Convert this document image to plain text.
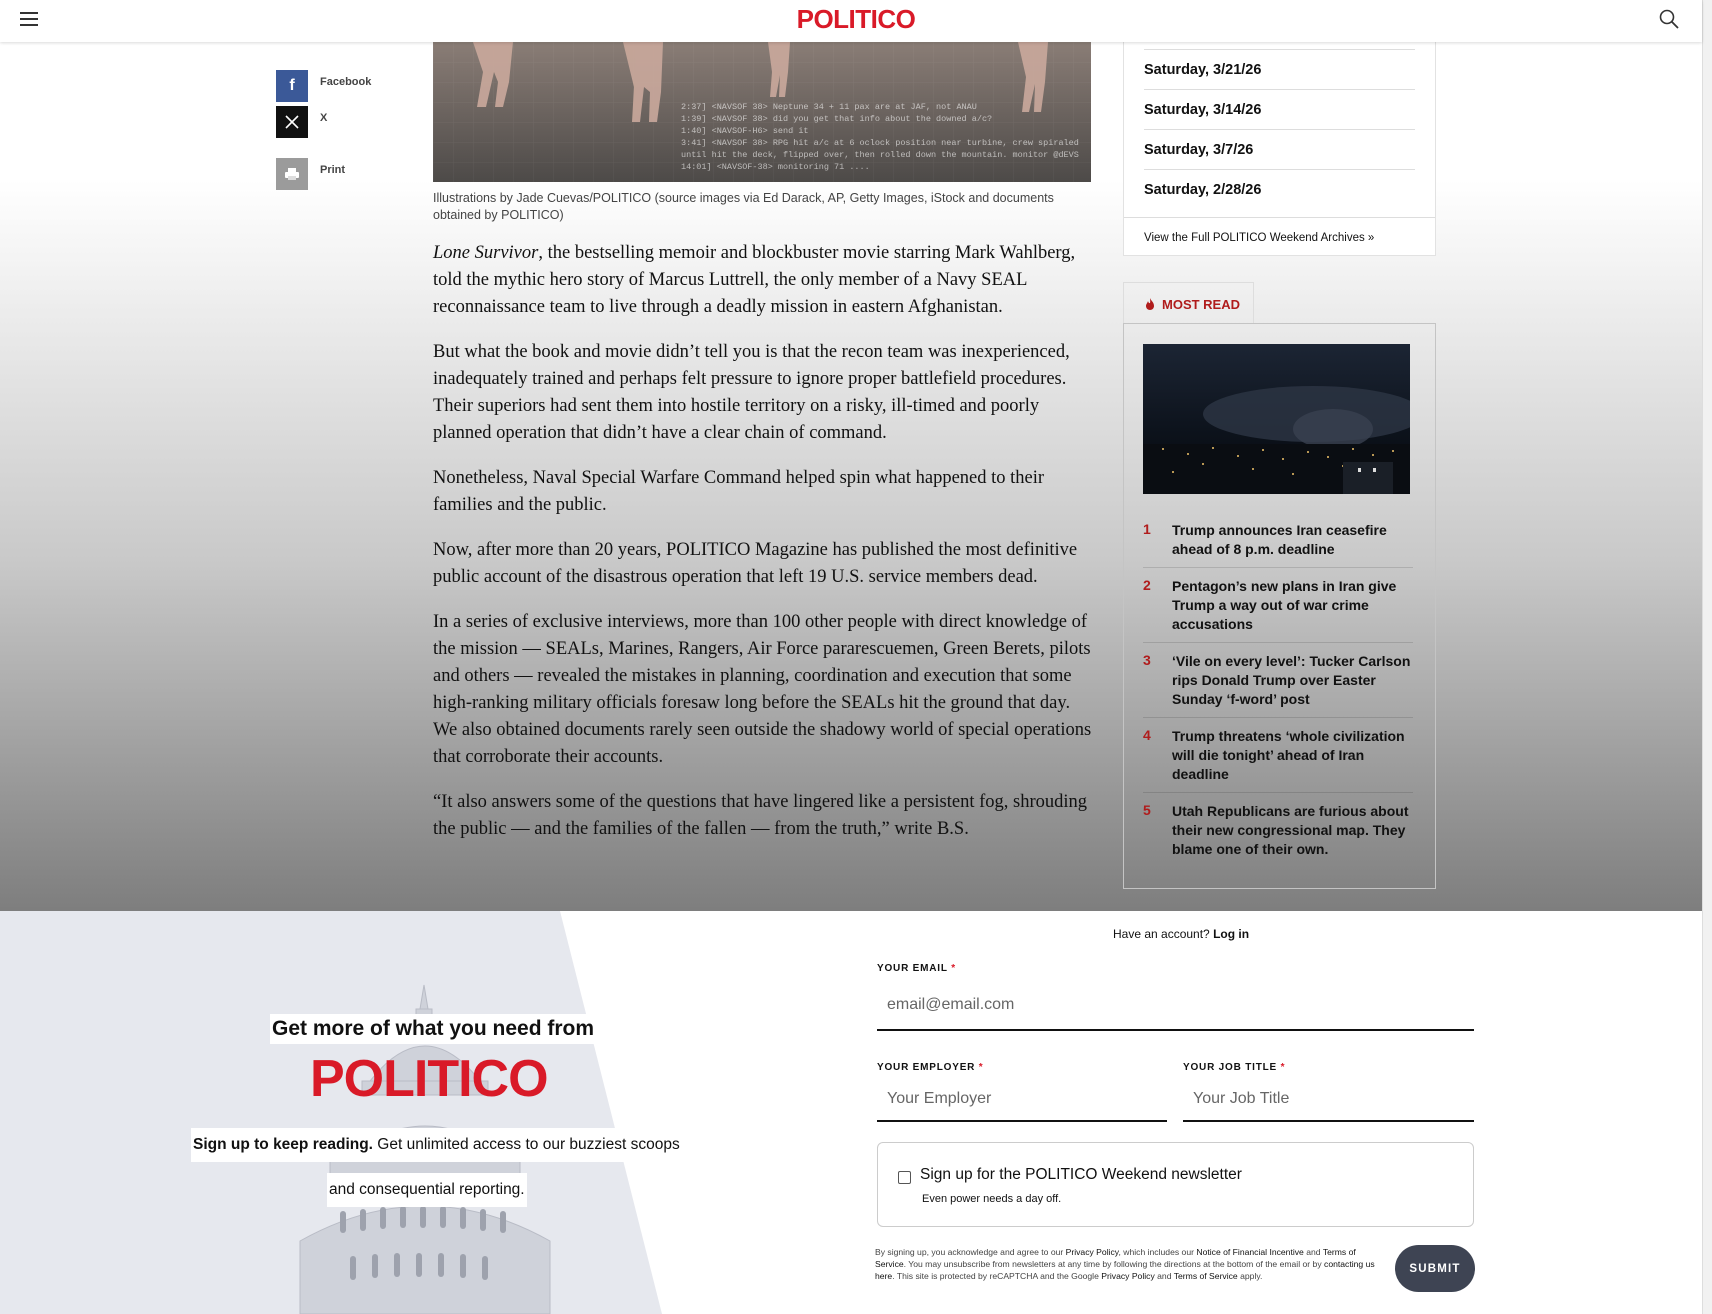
POLITICO
f Facebook
X
Print
2:37] <NAVSOF 38> Neptune 34 + 11 pax are at JAF, not ANAU
1:39] <NAVSOF 38> did you get that info about the downed a/c?
1:40] <NAVSOF-H6> send it
3:41] <NAVSOF 38> RPG hit a/c at 6 oclock position near turbine, crew spiraled
until hit the deck, flipped over, then rolled down the mountain. monitor @dEVS
14:01] <NAVSOF-38> monitoring 71 ....
Illustrations by Jade Cuevas/POLITICO (source images via Ed Darack, AP, Getty Images, iStock and documents obtained by POLITICO)

Lone Survivor, the bestselling memoir and blockbuster movie starring Mark Wahlberg, told the mythic hero story of Marcus Luttrell, the only member of a Navy SEAL reconnaissance team to live through a deadly mission in eastern Afghanistan.

But what the book and movie didn’t tell you is that the recon team was inexperienced, inadequately trained and perhaps felt pressure to ignore proper battlefield procedures. Their superiors had sent them into hostile territory on a risky, ill-timed and poorly planned operation that didn’t have a clear chain of command.

Nonetheless, Naval Special Warfare Command helped spin what happened to their families and the public.

Now, after more than 20 years, POLITICO Magazine has published the most definitive public account of the disastrous operation that left 19 U.S. service members dead.

In a series of exclusive interviews, more than 100 other people with direct knowledge of the mission — SEALs, Marines, Rangers, Air Force pararescuemen, Green Berets, pilots and others — revealed the mistakes in planning, coordination and execution that some high-ranking military officials foresaw long before the SEALs hit the ground that day. We also obtained documents rarely seen outside the shadowy world of special operations that corroborate their accounts.

“It also answers some of the questions that have lingered like a persistent fog, shrouding the public — and the families of the fallen — from the truth,” write B.S.

Saturday, 3/21/26
Saturday, 3/14/26
Saturday, 3/7/26
Saturday, 2/28/26
View the Full POLITICO Weekend Archives »
MOST READ
1 Trump announces Iran ceasefire ahead of 8 p.m. deadline
2 Pentagon’s new plans in Iran give Trump a way out of war crime accusations
3 ‘Vile on every level’: Tucker Carlson rips Donald Trump over Easter Sunday ‘f-word’ post
4 Trump threatens ‘whole civilization will die tonight’ ahead of Iran deadline
5 Utah Republicans are furious about their new congressional map. They blame one of their own.
Get more of what you need from
POLITICO
Sign up to keep reading. Get unlimited access to our buzziest scoops
and consequential reporting.
Have an account? Log in
YOUR EMAIL *
email@email.com
YOUR EMPLOYER *
Your Employer	YOUR JOB TITLE *
Your Job Title
Sign up for the POLITICO Weekend newsletter
Even power needs a day off.
By signing up, you acknowledge and agree to our Privacy Policy, which includes our Notice of Financial Incentive and Terms of Service. You may unsubscribe from newsletters at any time by following the directions at the bottom of the email or by contacting us here. This site is protected by reCAPTCHA and the Google Privacy Policy and Terms of Service apply.
SUBMIT
